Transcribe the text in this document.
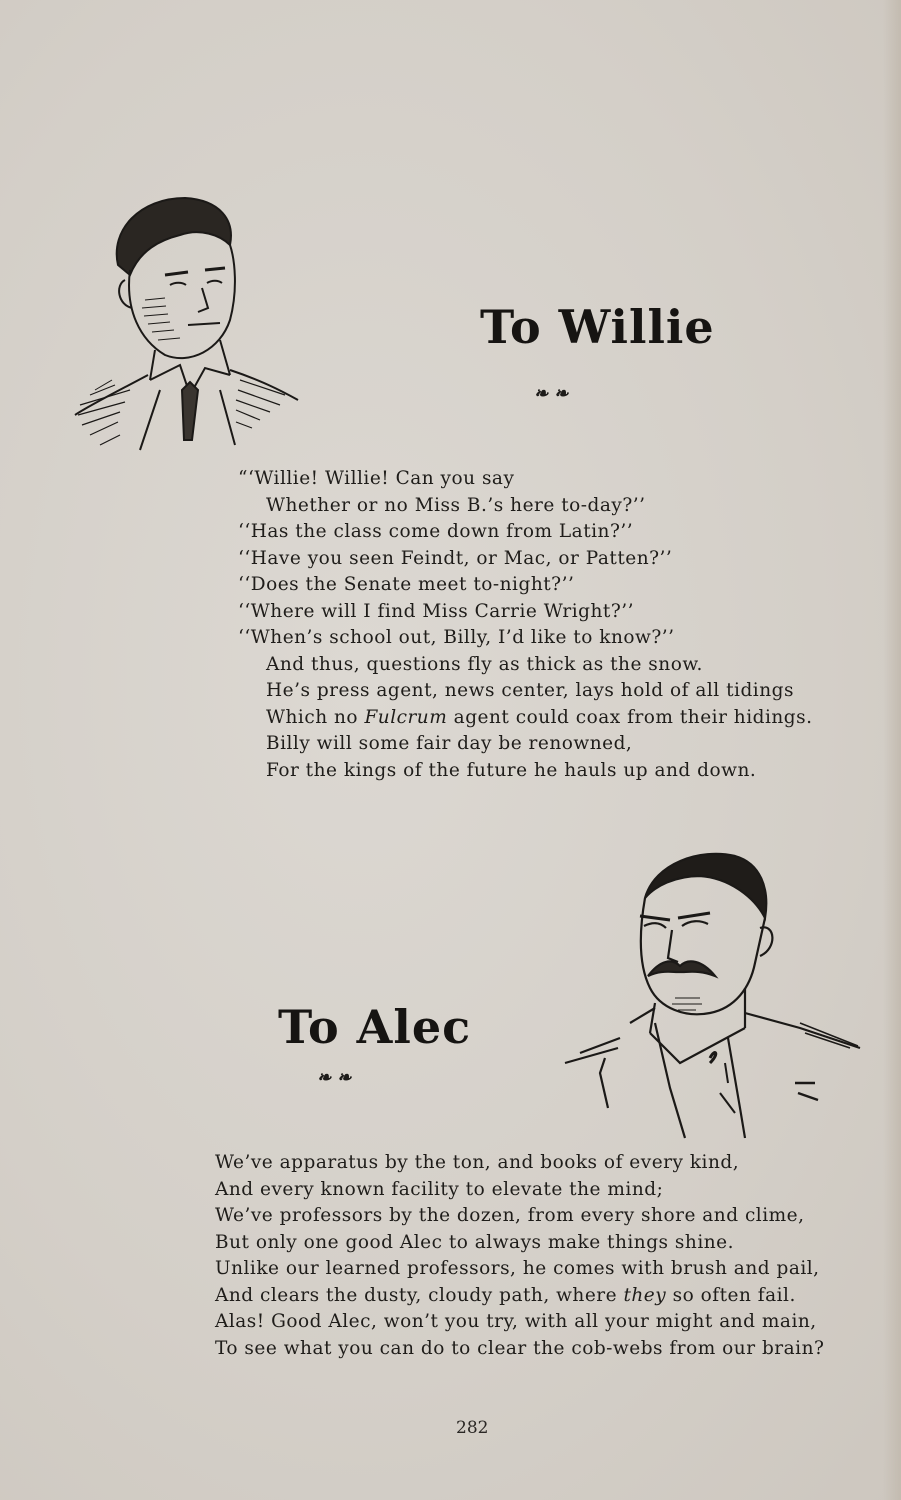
To Willie
❧ ❧
“‘Willie! Willie! Can you say
Whether or no Miss B.’s here to-day?’’
‘‘Has the class come down from Latin?’’
‘‘Have you seen Feindt, or Mac, or Patten?’’
‘‘Does the Senate meet to-night?’’
‘‘Where will I find Miss Carrie Wright?’’
‘‘When’s school out, Billy, I’d like to know?’’
And thus, questions fly as thick as the snow.
He’s press agent, news center, lays hold of all tidings
Which no Fulcrum agent could coax from their hidings.
Billy will some fair day be renowned,
For the kings of the future he hauls up and down.
To Alec
❧ ❧
We’ve apparatus by the ton, and books of every kind,
And every known facility to elevate the mind;
We’ve professors by the dozen, from every shore and clime,
But only one good Alec to always make things shine.
Unlike our learned professors, he comes with brush and pail,
And clears the dusty, cloudy path, where they so often fail.
Alas! Good Alec, won’t you try, with all your might and main,
To see what you can do to clear the cob-webs from our brain?
282
